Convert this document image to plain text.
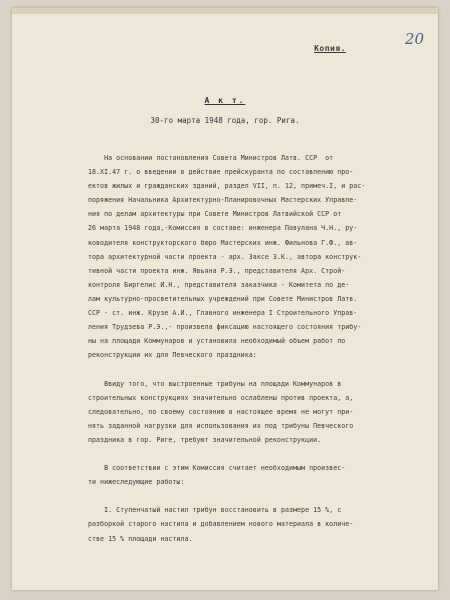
20
Копия.
А к т.
30-го марта 1948 года, гор. Рига.
На основании постановления Совета Министров Латв. ССР  от
18.XI.47 г. о введении в действие прейскуранта по составлению про-
ектов жилых и гражданских зданий, раздел VII, п. 12, примеч.I, и рас-
поряжения Начальника Архитектурно-Планировочных Мастерских Управле-
ния по делам архитектуры при Совете Министров Латвийской ССР от
26 марта 1948 года,-Комиссия в составе: инженера Павулана Ч.Н., ру-
ководителя конструкторского бюро Мастерских инж. Фильнова Г.Ф., ав-
тора архитектурной части проекта - арх. Заксе З.К., автора конструк-
тивной части проекта инж. Явьяна Р.Э., представителя Арх. Строй-
контроля Биргелис И.Н., представителя заказчика - Комитета по де-
лам культурно-просветительных учреждений при Совете Министров Латв.
ССР - ст. инж. Крузе А.И., Главного инженера I Строительного Управ-
ления Трудзева Р.Э.,- произвела фиксацию настоящего состояния трибу-
ны на площади Коммунаров и установила необходимый объем работ по
реконструкции их для Певческого праздника:
Ввиду того, что выстроенные трибуны на площади Коммунаров в
строительных конструкциях значительно ослаблены против проекта, а,
следовательно, по своему состоянию в настоящее время не могут при-
нять заданной нагрузки для использования их под трибуны Певческого
праздника в гор. Риге, требуют значительной реконструкции.
В соответствии с этим Комиссия считает необходимым произвес-
ти нижеследующие работы:
I. Ступенчатый настил трибун восстановить в размере 15 %, с
разборкой старого настила и добавлением нового материала в количе-
стве 15 % площади настила.
